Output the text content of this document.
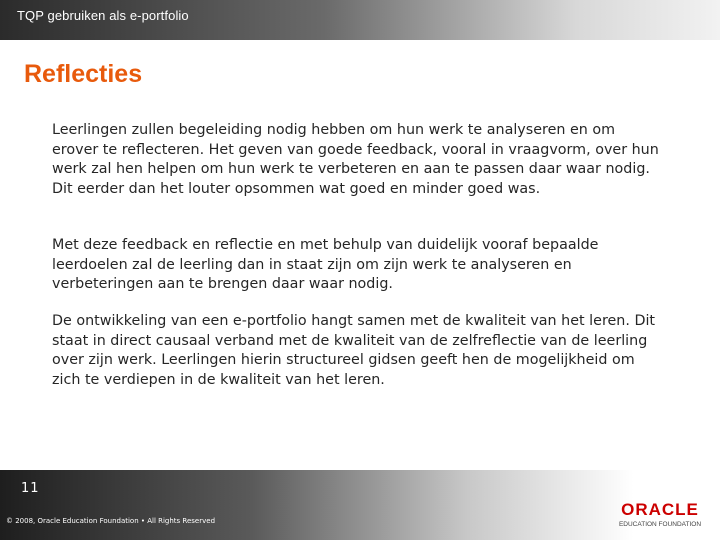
TQP gebruiken als e-portfolio
Reflecties

Leerlingen zullen begeleiding nodig hebben om hun werk te analyseren en om erover te reflecteren. Het geven van goede feedback, vooral in vraagvorm, over hun werk zal hen helpen om hun werk te verbeteren en aan te passen daar waar nodig. Dit eerder dan het louter opsommen wat goed en minder goed was.

Met deze feedback en reflectie en met behulp van duidelijk vooraf bepaalde leerdoelen zal de leerling dan in staat zijn om zijn werk te analyseren en verbeteringen aan te brengen daar waar nodig.

De ontwikkeling van een e-portfolio hangt samen met de kwaliteit van het leren. Dit staat in direct causaal verband met de kwaliteit van de zelfreflectie van de leerling over zijn werk. Leerlingen hierin structureel gidsen geeft hen de mogelijkheid om zich te verdiepen in de kwaliteit van het leren.

11
© 2008, Oracle Education Foundation • All Rights Reserved
ORACLE
EDUCATION FOUNDATION
